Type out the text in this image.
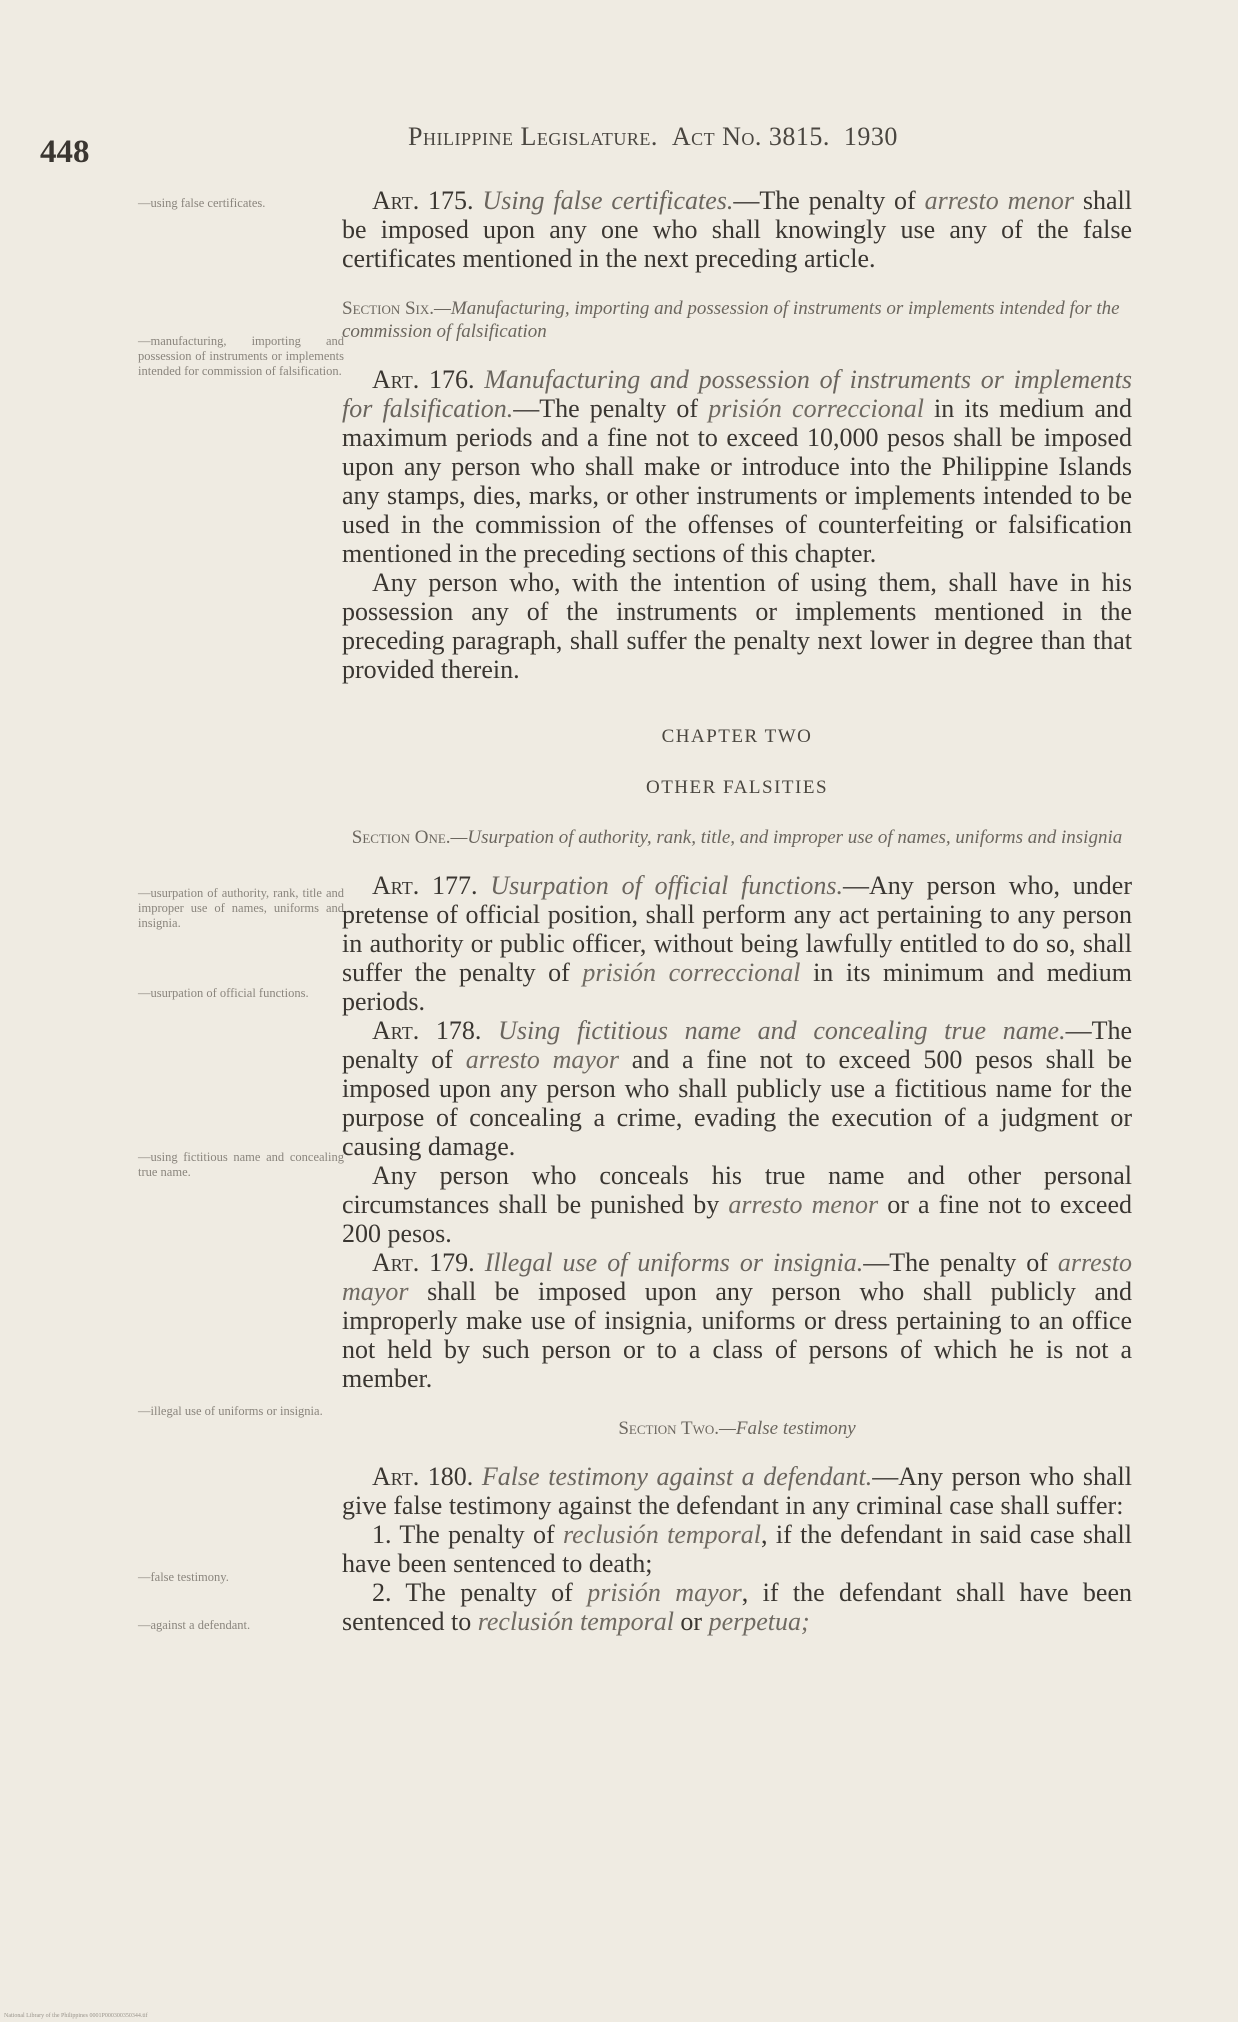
448	Philippine Legislature. Act No. 3815. 1930
—using false certificates.
—manufacturing, importing and possession of instruments or implements intended for commission of falsification.
—usurpation of authority, rank, title and improper use of names, uniforms and insignia.
—usurpation of official functions.
—using fictitious name and concealing true name.
—illegal use of uniforms or insignia.
—false testimony.
—against a defendant.

Art. 175. Using false certificates.—The penalty of arresto menor shall be imposed upon any one who shall knowingly use any of the false certificates mentioned in the next preceding article.

Section Six.—Manufacturing, importing and possession of instruments or implements intended for the commission of falsification

Art. 176. Manufacturing and possession of instruments or implements for falsification.—The penalty of prisión correccional in its medium and maximum periods and a fine not to exceed 10,000 pesos shall be imposed upon any person who shall make or introduce into the Philippine Islands any stamps, dies, marks, or other instruments or implements intended to be used in the commission of the offenses of counterfeiting or falsification mentioned in the preceding sections of this chapter.

Any person who, with the intention of using them, shall have in his possession any of the instruments or implements mentioned in the preceding paragraph, shall suffer the penalty next lower in degree than that provided therein.

CHAPTER TWO
OTHER FALSITIES
Section One.—Usurpation of authority, rank, title, and improper use of names, uniforms and insignia

Art. 177. Usurpation of official functions.—Any person who, under pretense of official position, shall perform any act pertaining to any person in authority or public officer, without being lawfully entitled to do so, shall suffer the penalty of prisión correccional in its minimum and medium periods.

Art. 178. Using fictitious name and concealing true name.—The penalty of arresto mayor and a fine not to exceed 500 pesos shall be imposed upon any person who shall publicly use a fictitious name for the purpose of concealing a crime, evading the execution of a judgment or causing damage.

Any person who conceals his true name and other personal circumstances shall be punished by arresto menor or a fine not to exceed 200 pesos.

Art. 179. Illegal use of uniforms or insignia.—The penalty of arresto mayor shall be imposed upon any person who shall publicly and improperly make use of insignia, uniforms or dress pertaining to an office not held by such person or to a class of persons of which he is not a member.

Section Two.—False testimony

Art. 180. False testimony against a defendant.—Any person who shall give false testimony against the defendant in any criminal case shall suffer:

1. The penalty of reclusión temporal, if the defendant in said case shall have been sentenced to death;

2. The penalty of prisión mayor, if the defendant shall have been sentenced to reclusión temporal or perpetua;

National Library of the Philippines 0001P000300350344.tif
